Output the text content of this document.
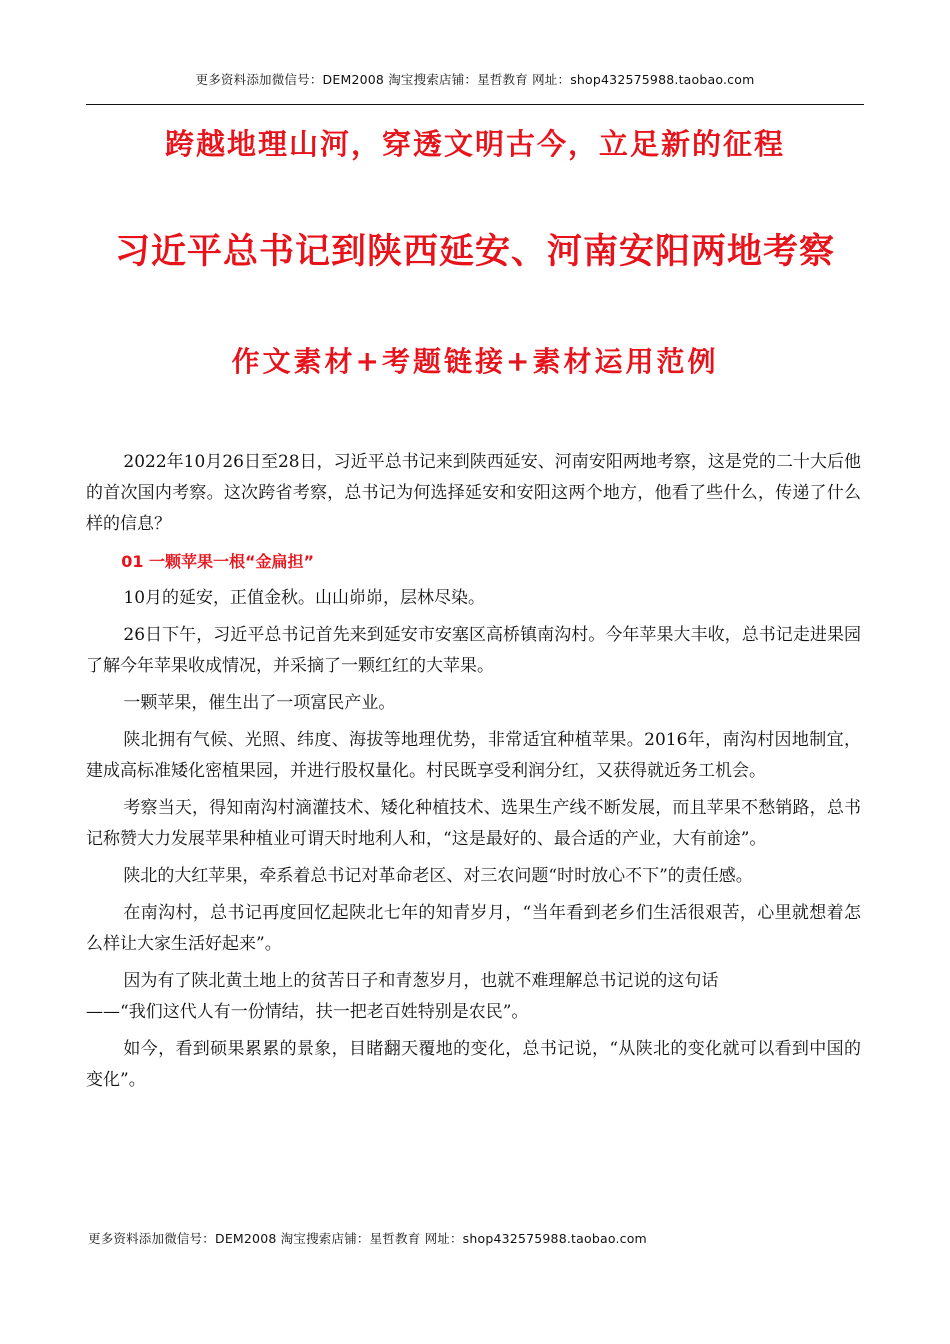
更多资料添加微信号：DEM2008 淘宝搜索店铺：星哲教育 网址：shop432575988.taobao.com
跨越地理山河，穿透文明古今，立足新的征程
习近平总书记到陕西延安、河南安阳两地考察
作文素材+考题链接+素材运用范例

2022年10月26日至28日，习近平总书记来到陕西延安、河南安阳两地考察，这是党的二十大后他的首次国内考察。这次跨省考察，总书记为何选择延安和安阳这两个地方，他看了些什么，传递了什么样的信息？

01 一颗苹果一根“金扁担”

10月的延安，正值金秋。山山峁峁，层林尽染。

26日下午，习近平总书记首先来到延安市安塞区高桥镇南沟村。今年苹果大丰收，总书记走进果园了解今年苹果收成情况，并采摘了一颗红红的大苹果。

一颗苹果，催生出了一项富民产业。

陕北拥有气候、光照、纬度、海拔等地理优势，非常适宜种植苹果。2016年，南沟村因地制宜，建成高标准矮化密植果园，并进行股权量化。村民既享受利润分红，又获得就近务工机会。

考察当天，得知南沟村滴灌技术、矮化种植技术、选果生产线不断发展，而且苹果不愁销路，总书记称赞大力发展苹果种植业可谓天时地利人和，“这是最好的、最合适的产业，大有前途”。

陕北的大红苹果，牵系着总书记对革命老区、对三农问题“时时放心不下”的责任感。

在南沟村，总书记再度回忆起陕北七年的知青岁月，“当年看到老乡们生活很艰苦，心里就想着怎么样让大家生活好起来”。

因为有了陕北黄土地上的贫苦日子和青葱岁月，也就不难理解总书记说的这句话

——“我们这代人有一份情结，扶一把老百姓特别是农民”。

如今，看到硕果累累的景象，目睹翻天覆地的变化，总书记说，“从陕北的变化就可以看到中国的变化”。

更多资料添加微信号：DEM2008 淘宝搜索店铺：星哲教育 网址：shop432575988.taobao.com
